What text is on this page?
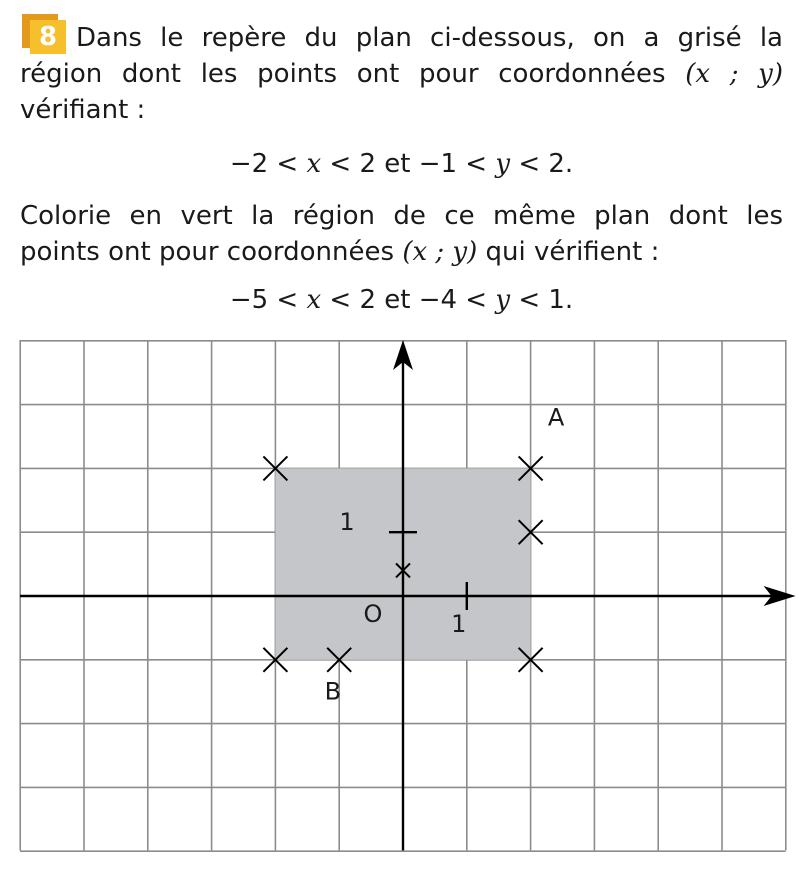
8 Dans le repère du plan ci-dessous, on a grisé la
région dont les points ont pour coordonnées (x ; y)
vérifiant :
−2 < x < 2 et −1 < y < 2.
Colorie en vert la région de ce même plan dont les
points ont pour coordonnées (x ; y) qui vérifient :
−5 < x < 2 et −4 < y < 1.
O	1
1
A
B
